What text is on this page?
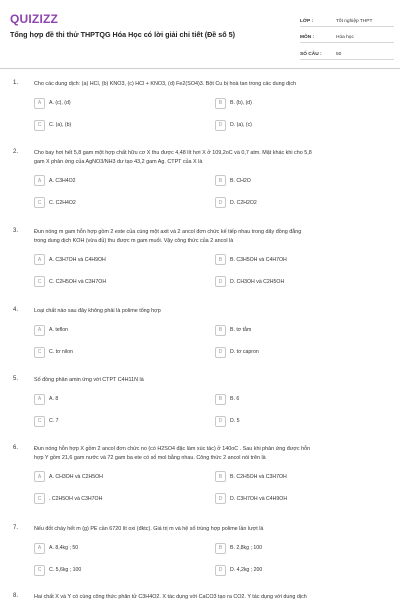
QUIZIZZ
Tổng hợp đề thi thử THPTQG Hóa Học có lời giải chi tiết (Đề số 5)
LỚP :	Tốt nghiệp THPT
MÔN :	Hóa học
SỐ CÂU :	50
1.	Cho các dung dịch: (a) HCl, (b) KNO3, (c) HCl + KNO3, (d) Fe2(SO4)3. Bột Cu bị hoà tan trong các dung dịch
A	A. (c), (d)	B	B. (b), (d)
C	C. (a), (b)	D	D. (a), (c)
2.	Cho bay hơi hết 5,8 gam một hợp chất hữu cơ X thu được 4,48 lít hơi X ở 109,2oC và 0,7 atm. Mặt khác khi cho 5,8
gam X phản ứng của AgNO3/NH3 dư tạo 43,2 gam Ag. CTPT của X là
A	A. C3H4O2	B	B. CH2O
C	C. C2H4O2	D	D. C2H2O2
3.	Đun nóng m gam hỗn hợp gồm 2 este của cùng một axit và 2 ancol đơn chức kế tiếp nhau trong dãy đồng đẳng
trong dung dịch KOH (vừa đủ) thu được m gam muối. Vậy công thức của 2 ancol là
A	A. C3H7OH và C4H9OH	B	B. C3H5OH và C4H7OH
C	C. C2H5OH và C3H7OH	D	D. CH3OH và C2H5OH
4.	Loại chất nào sau đây không phải là polime tổng hợp
A	A. teflon	B	B. tơ tằm
C	C. tơ nilon	D	D. tơ capron
5.	Số đồng phân amin ứng với CTPT C4H11N là
A	A. 8	B	B. 6
C	C. 7	D	D. 5
6.	Đun nóng hỗn hợp X gồm 2 ancol đơn chức no (có H2SO4 đặc làm xúc tác) ở 140oC . Sau khi phản ứng được hỗn
hợp Y gồm 21,6 gam nước và 72 gam ba ete có số mol bằng nhau. Công thức 2 ancol nói trên là
A	A. CH3OH và C2H5OH	B	B. C2H5OH và C3H7OH
C	. C2H5OH và C3H7OH	D	D. C3H7OH và C4H9OH
7.	Nếu đốt cháy hết m (g) PE cần 6720 lít oxi (đktc). Giá trị m và hệ số trùng hợp polime lần lượt là
A	A. 8,4kg ; 50	B	B. 2,8kg ; 100
C	C. 5,6kg ; 100	D	D. 4,2kg ; 200
8.	Hai chất X và Y có cùng công thức phân tử C3H4O2. X tác dụng với CaCO3 tạo ra CO2. Y tác dụng với dung dịch
